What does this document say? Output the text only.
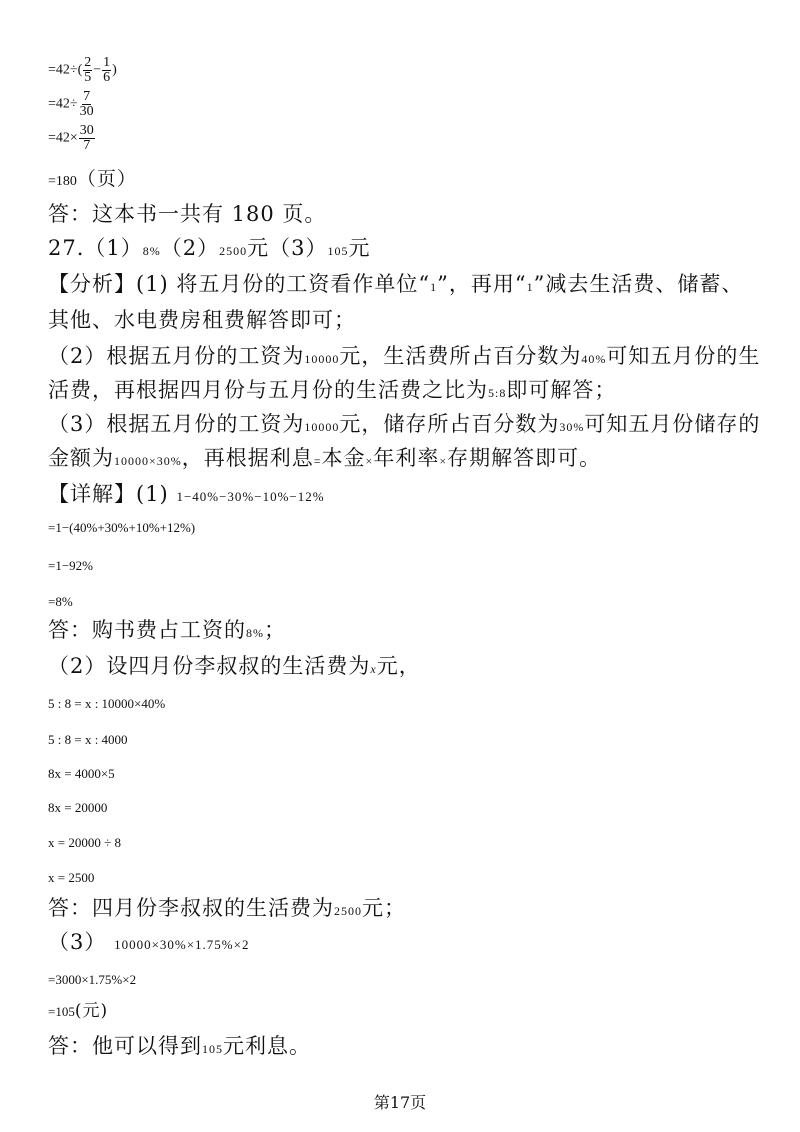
$=42\div( \frac{2}{5} - \frac{1}{6}$ )
$=42\div \frac{7}{30}$
$=42\times \frac{30}{7}$
=180（页）
答：这本书一共有 180 页。
27.（1）8%（2）2500元（3）105元
【分析】(1) 将五月份的工资看作单位“1”，再用“1”减去生活费、储蓄、
其他、水电费房租费解答即可；
（2）根据五月份的工资为10000元，生活费所占百分数为40%可知五月份的生
活费，再根据四月份与五月份的生活费之比为5:8即可解答；
（3）根据五月份的工资为10000元，储存所占百分数为30%可知五月份储存的
金额为10000×30%，再根据利息=本金×年利率×存期解答即可。
【详解】(1) 1−40%−30%−10%−12%
=1−(40%+30%+10%+12%)
=1−92%
=8%
答：购书费占工资的8%；
（2）设四月份李叔叔的生活费为x元，
5 : 8 = x : 10000×40%
5 : 8 = x : 4000
8x = 4000×5
8x = 20000
x = 20000 ÷ 8
x = 2500
答：四月份李叔叔的生活费为2500元；
（3） 10000×30%×1.75%×2
=3000×1.75%×2
=105(元)
答：他可以得到105元利息。
第17页
